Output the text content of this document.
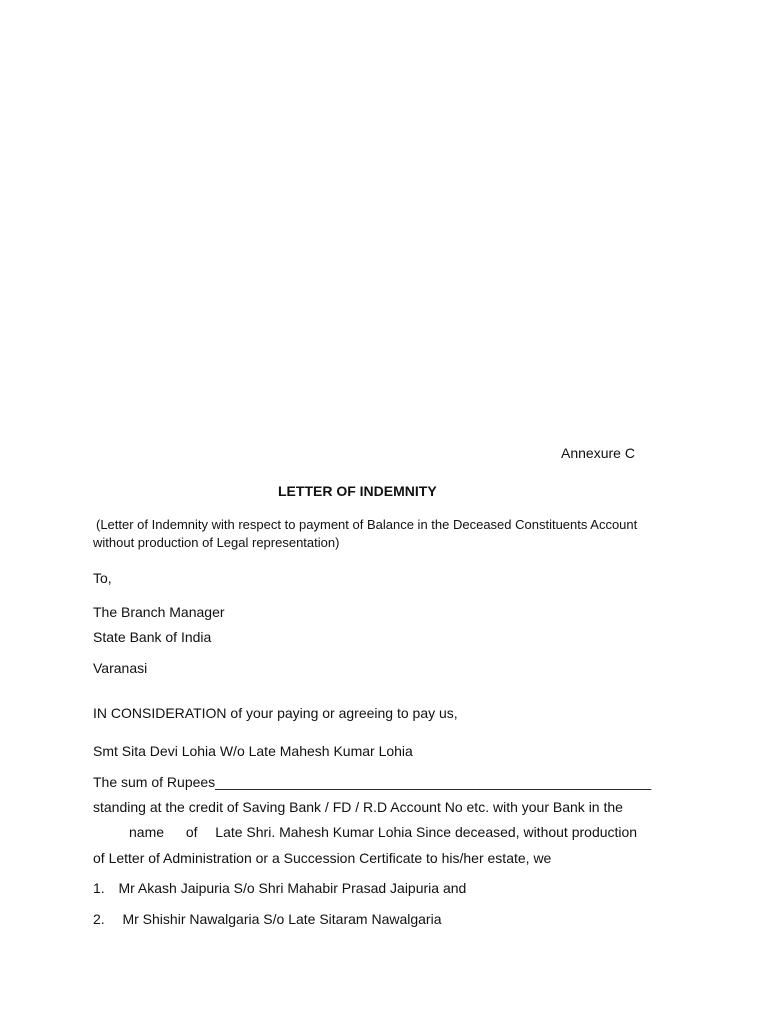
Annexure C
LETTER OF INDEMNITY
(Letter of Indemnity with respect to payment of Balance in the Deceased Constituents Account
without production of Legal representation)
To,
The Branch Manager
State Bank of India
Varanasi
IN CONSIDERATION of your paying or agreeing to pay us,
Smt Sita Devi Lohia W/o Late Mahesh Kumar Lohia
The sum of Rupees________________________________________________________
standing at the credit of Saving Bank / FD / R.D Account No etc. with your Bank in the
name of Late Shri. Mahesh Kumar Lohia Since deceased, without production
of Letter of Administration or a Succession Certificate to his/her estate, we
1. Mr Akash Jaipuria S/o Shri Mahabir Prasad Jaipuria and
2. Mr Shishir Nawalgaria S/o Late Sitaram Nawalgaria
